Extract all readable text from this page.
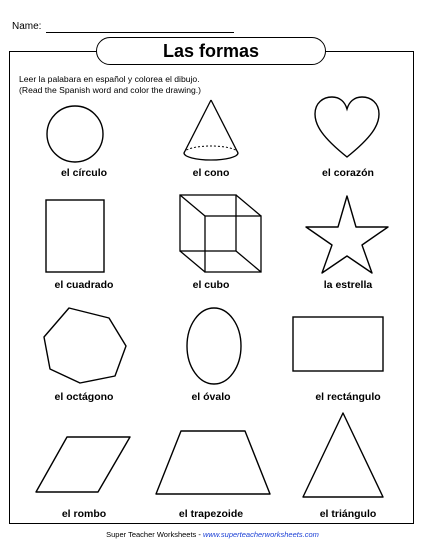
Name:
Las formas
Leer la palabara en español y colorea el dibujo.
(Read the Spanish word and color the drawing.)
el círculo	el cono	el corazón
el cuadrado	el cubo	la estrella
el octágono	el óvalo	el rectángulo
el rombo	el trapezoide	el triángulo
Super Teacher Worksheets - www.superteacherworksheets.com
